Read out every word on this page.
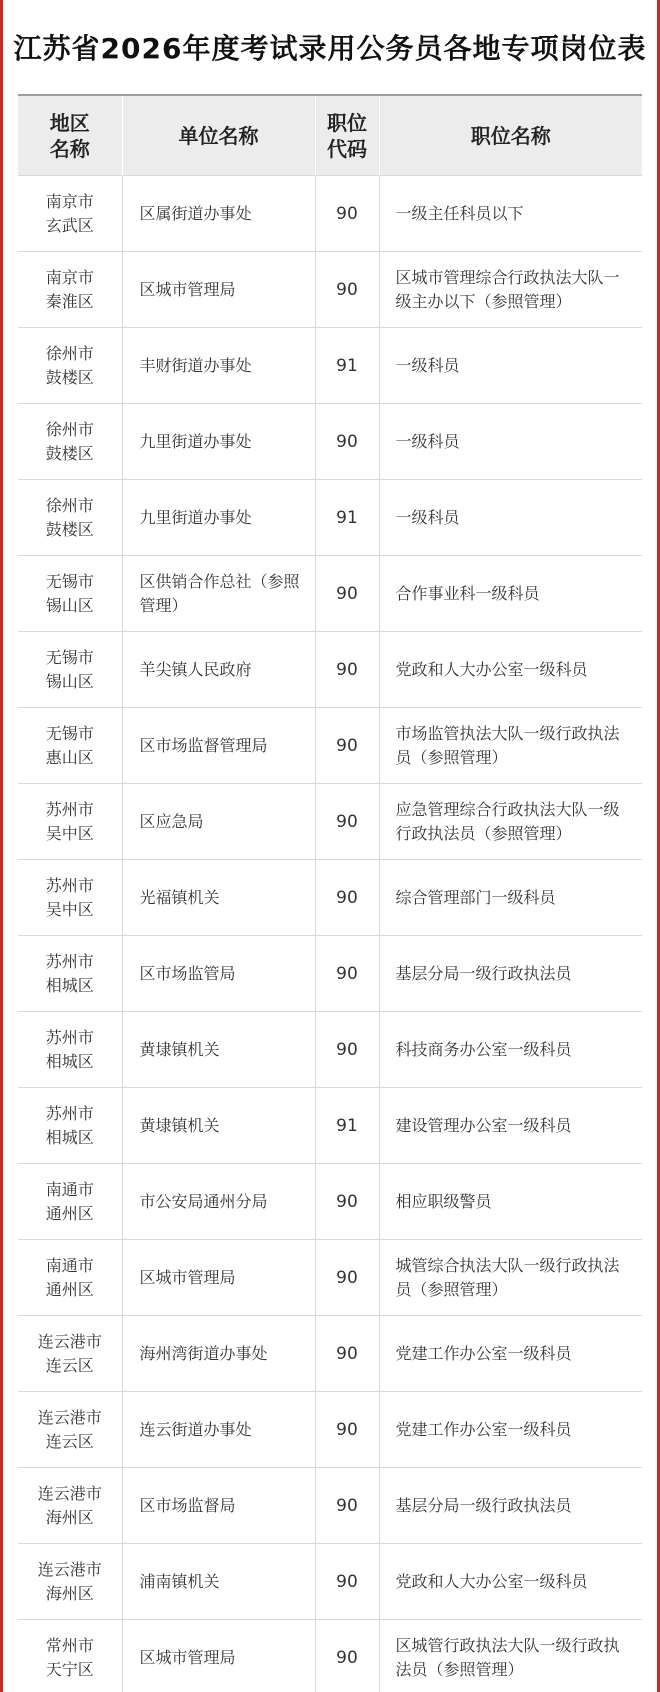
江苏省2026年度考试录用公务员各地专项岗位表
地区
名称	单位名称	职位
代码	职位名称

南京市
玄武区	区属街道办事处	90	一级主任科员以下

南京市
秦淮区	区城市管理局	90	区城市管理综合行政执法大队一级主办以下（参照管理）

徐州市
鼓楼区	丰财街道办事处	91	一级科员

徐州市
鼓楼区	九里街道办事处	90	一级科员

徐州市
鼓楼区	九里街道办事处	91	一级科员

无锡市
锡山区	区供销合作总社（参照管理）	90	合作事业科一级科员

无锡市
锡山区	羊尖镇人民政府	90	党政和人大办公室一级科员

无锡市
惠山区	区市场监督管理局	90	市场监管执法大队一级行政执法员（参照管理）

苏州市
吴中区	区应急局	90	应急管理综合行政执法大队一级行政执法员（参照管理）

苏州市
吴中区	光福镇机关	90	综合管理部门一级科员

苏州市
相城区	区市场监管局	90	基层分局一级行政执法员

苏州市
相城区	黄埭镇机关	90	科技商务办公室一级科员

苏州市
相城区	黄埭镇机关	91	建设管理办公室一级科员

南通市
通州区	市公安局通州分局	90	相应职级警员

南通市
通州区	区城市管理局	90	城管综合执法大队一级行政执法员（参照管理）

连云港市
连云区	海州湾街道办事处	90	党建工作办公室一级科员

连云港市
连云区	连云街道办事处	90	党建工作办公室一级科员

连云港市
海州区	区市场监督局	90	基层分局一级行政执法员

连云港市
海州区	浦南镇机关	90	党政和人大办公室一级科员

常州市
天宁区	区城市管理局	90	区城管行政执法大队一级行政执法员（参照管理）
